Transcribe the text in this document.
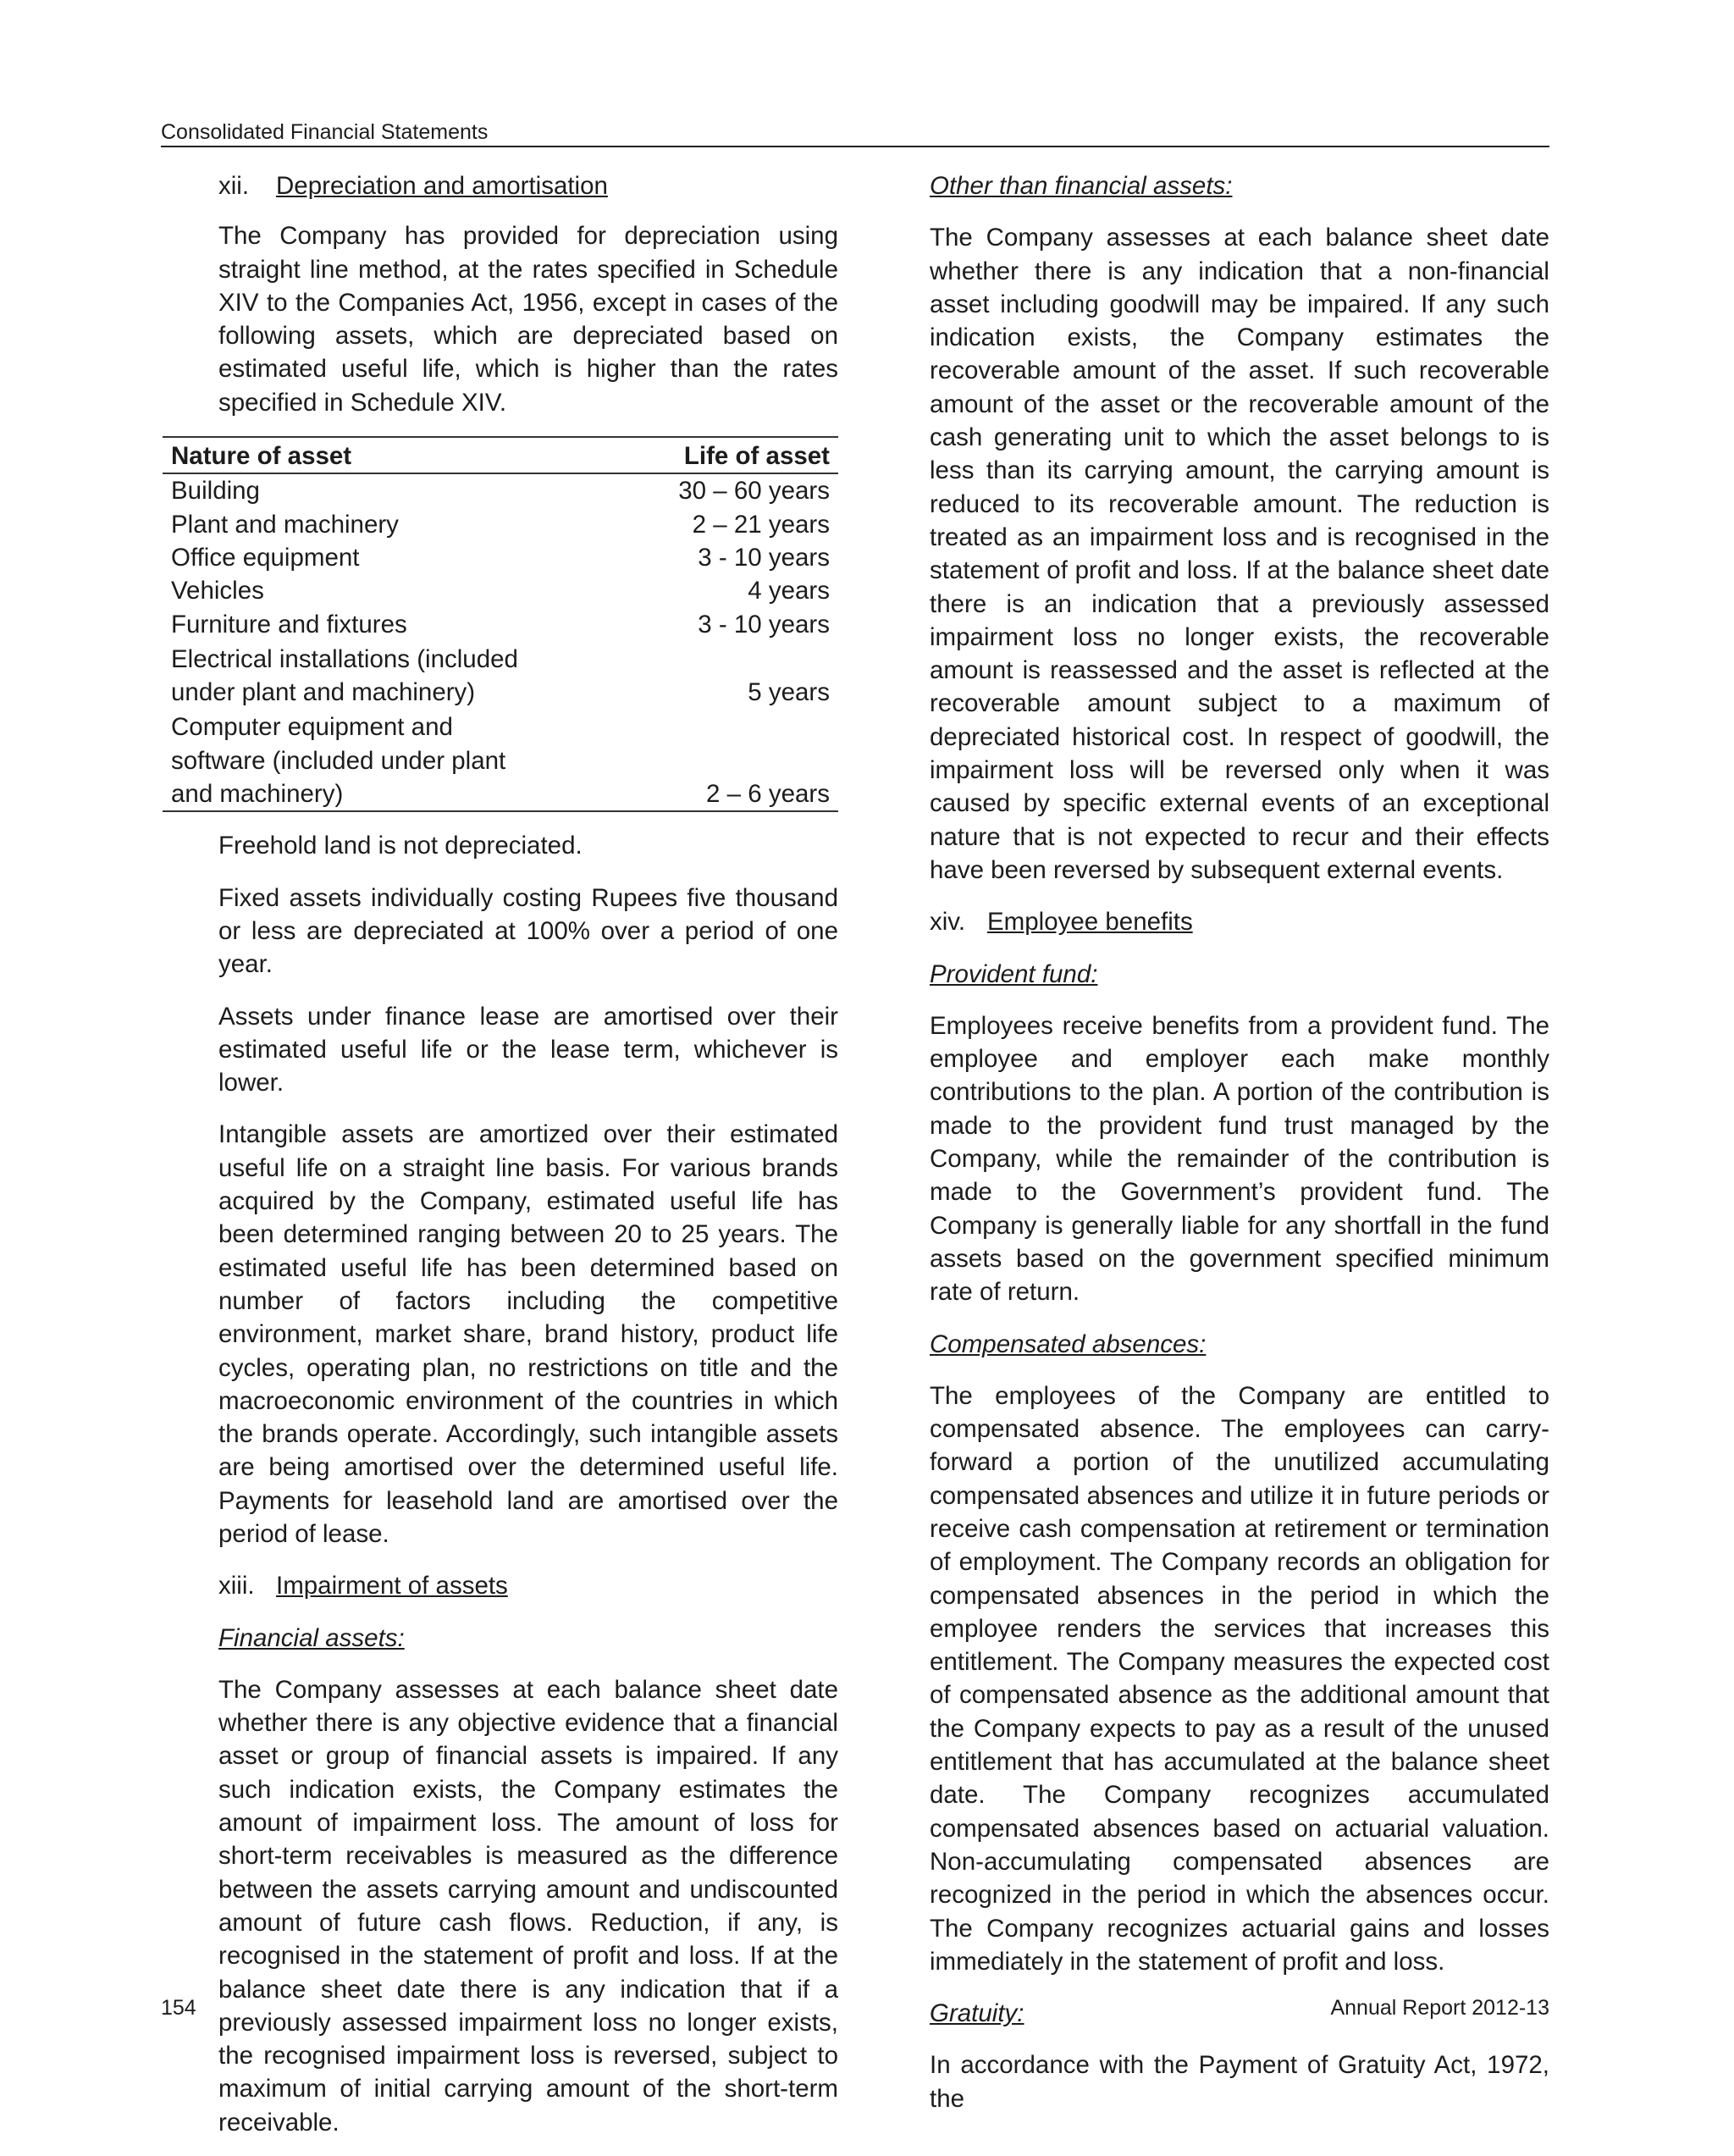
Consolidated Financial Statements
xii.	Depreciation and amortisation

The Company has provided for depreciation using straight line method, at the rates specified in Schedule XIV to the Companies Act, 1956, except in cases of the following assets, which are depreciated based on estimated useful life, which is higher than the rates specified in Schedule XIV.

Nature of asset	Life of asset
Building	30 – 60 years
Plant and machinery	2 – 21 years
Office equipment	3 - 10 years
Vehicles	4 years
Furniture and fixtures	3 - 10 years
Electrical installations (included under plant and machinery)	5 years
Computer equipment and software (included under plant and machinery)	2 – 6 years

Freehold land is not depreciated.

Fixed assets individually costing Rupees five thousand or less are depreciated at 100% over a period of one year.

Assets under finance lease are amortised over their estimated useful life or the lease term, whichever is lower.

Intangible assets are amortized over their estimated useful life on a straight line basis. For various brands acquired by the Company, estimated useful life has been determined ranging between 20 to 25 years. The estimated useful life has been determined based on number of factors including the competitive environment, market share, brand history, product life cycles, operating plan, no restrictions on title and the macroeconomic environment of the countries in which the brands operate. Accordingly, such intangible assets are being amortised over the determined useful life. Payments for leasehold land are amortised over the period of lease.

xiii. Impairment of assets

Financial assets:

The Company assesses at each balance sheet date whether there is any objective evidence that a financial asset or group of financial assets is impaired. If any such indication exists, the Company estimates the amount of impairment loss. The amount of loss for short-term receivables is measured as the difference between the assets carrying amount and undiscounted amount of future cash flows. Reduction, if any, is recognised in the statement of profit and loss. If at the balance sheet date there is any indication that if a previously assessed impairment loss no longer exists, the recognised impairment loss is reversed, subject to maximum of initial carrying amount of the short-term receivable.

Other than financial assets:

The Company assesses at each balance sheet date whether there is any indication that a non-financial asset including goodwill may be impaired. If any such indication exists, the Company estimates the recoverable amount of the asset. If such recoverable amount of the asset or the recoverable amount of the cash generating unit to which the asset belongs to is less than its carrying amount, the carrying amount is reduced to its recoverable amount. The reduction is treated as an impairment loss and is recognised in the statement of profit and loss. If at the balance sheet date there is an indication that a previously assessed impairment loss no longer exists, the recoverable amount is reassessed and the asset is reflected at the recoverable amount subject to a maximum of depreciated historical cost. In respect of goodwill, the impairment loss will be reversed only when it was caused by specific external events of an exceptional nature that is not expected to recur and their effects have been reversed by subsequent external events.

xiv. Employee benefits

Provident fund:

Employees receive benefits from a provident fund. The employee and employer each make monthly contributions to the plan. A portion of the contribution is made to the provident fund trust managed by the Company, while the remainder of the contribution is made to the Government’s provident fund. The Company is generally liable for any shortfall in the fund assets based on the government specified minimum rate of return.

Compensated absences:

The employees of the Company are entitled to compensated absence. The employees can carry-forward a portion of the unutilized accumulating compensated absences and utilize it in future periods or receive cash compensation at retirement or termination of employment. The Company records an obligation for compensated absences in the period in which the employee renders the services that increases this entitlement. The Company measures the expected cost of compensated absence as the additional amount that the Company expects to pay as a result of the unused entitlement that has accumulated at the balance sheet date. The Company recognizes accumulated compensated absences based on actuarial valuation. Non-accumulating compensated absences are recognized in the period in which the absences occur. The Company recognizes actuarial gains and losses immediately in the statement of profit and loss.

Gratuity:

In accordance with the Payment of Gratuity Act, 1972, the

154	Annual Report 2012-13
